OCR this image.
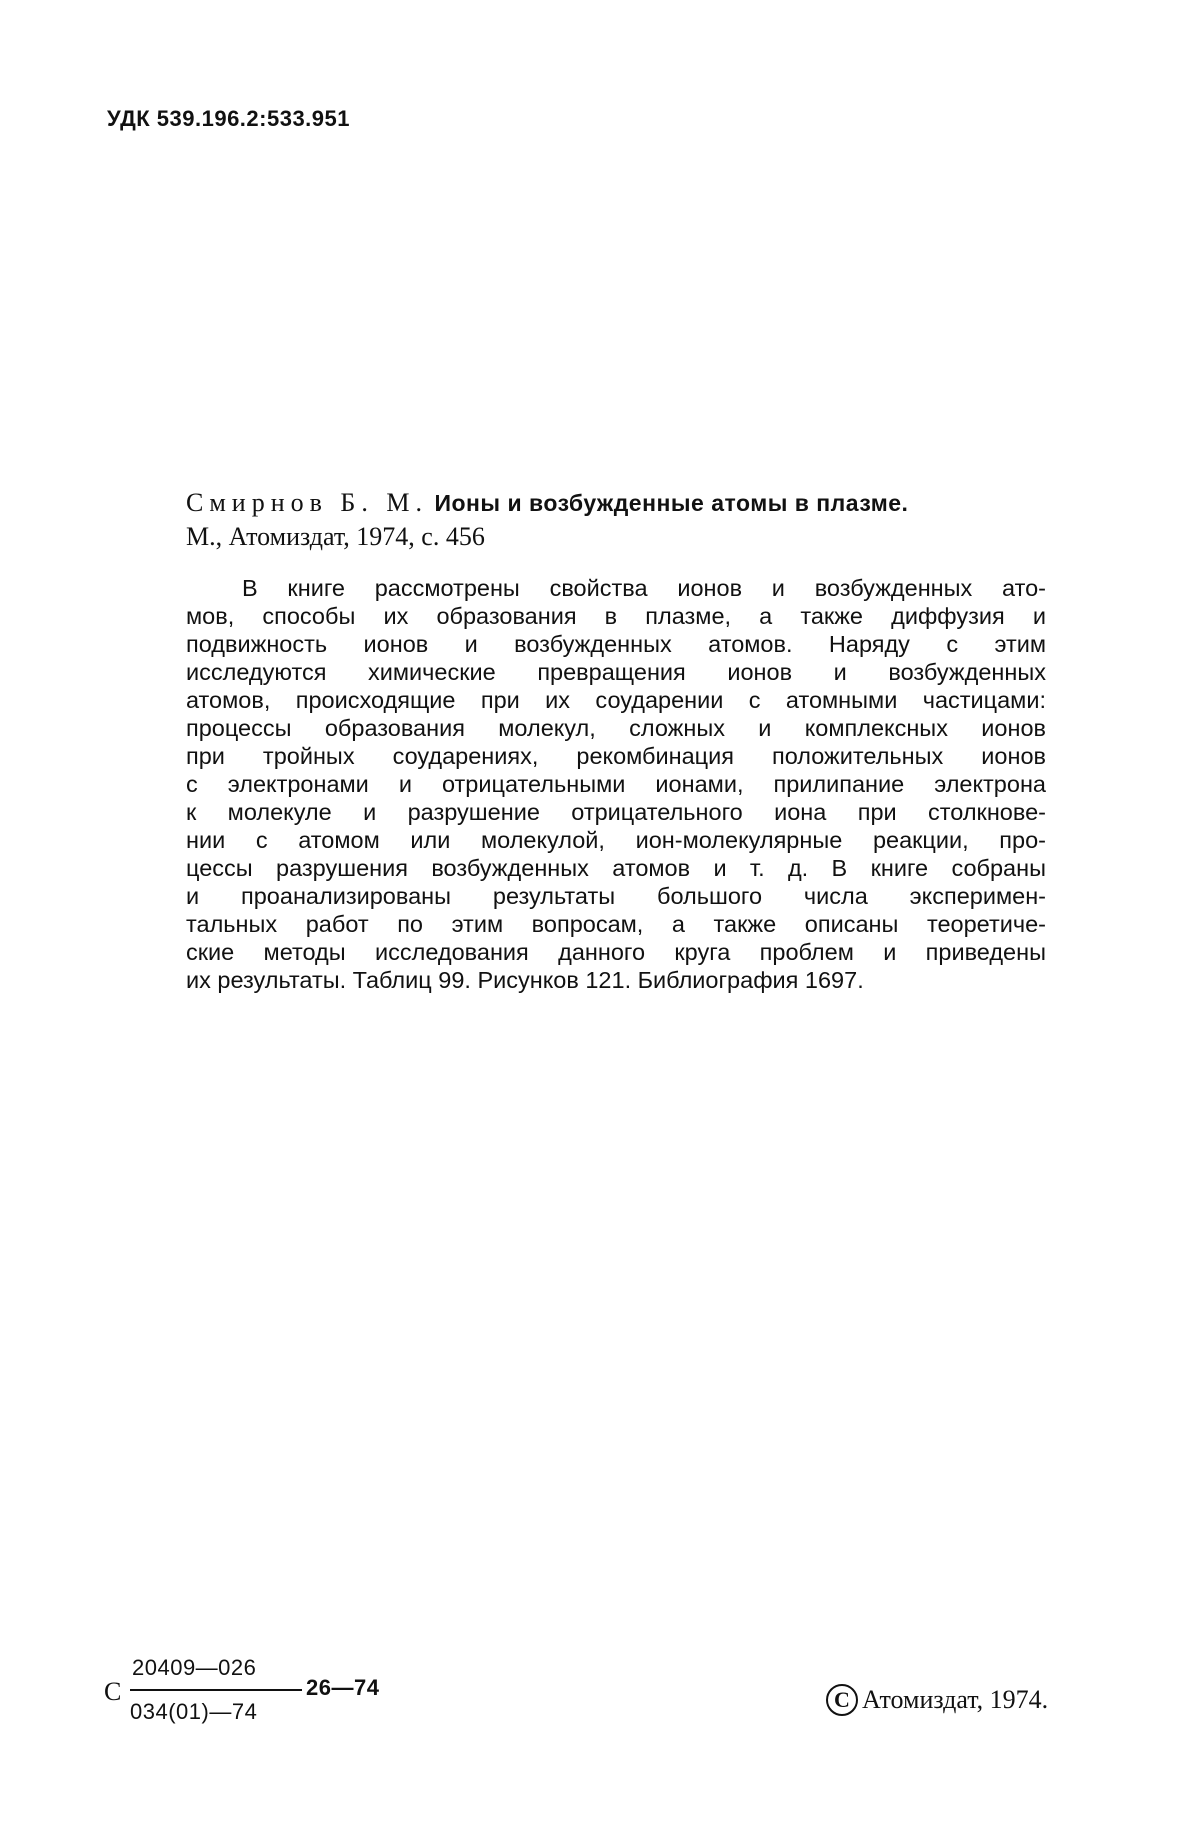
УДК 539.196.2:533.951
Смирнов Б. М. Ионы и возбужденные атомы в плазме.
М., Атомиздат, 1974, с. 456
В книге рассмотрены свойства ионов и возбужденных ато-
мов, способы их образования в плазме, а также диффузия и
подвижность ионов и возбужденных атомов. Наряду с этим
исследуются химические превращения ионов и возбужденных
атомов, происходящие при их соударении с атомными частицами:
процессы образования молекул, сложных и комплексных ионов
при тройных соударениях, рекомбинация положительных ионов
с электронами и отрицательными ионами, прилипание электрона
к молекуле и разрушение отрицательного иона при столкнове-
нии с атомом или молекулой, ион-молекулярные реакции, про-
цессы разрушения возбужденных атомов и т. д. В книге собраны
и проанализированы результаты большого числа эксперимен-
тальных работ по этим вопросам, а также описаны теоретиче-
ские методы исследования данного круга проблем и приведены
их результаты. Таблиц 99. Рисунков 121. Библиография 1697.
С
20409—026
034(01)—74
26—74	C Атомиздат, 1974.
